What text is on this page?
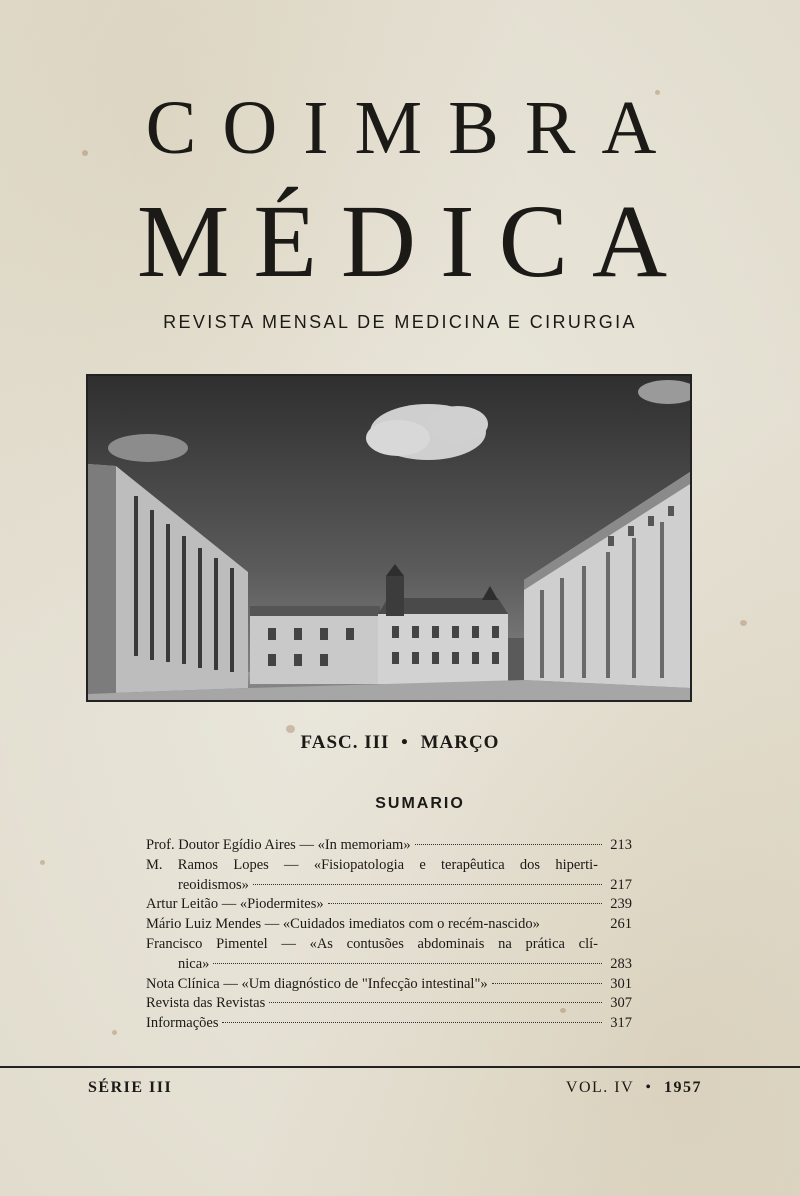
COIMBRA
MÉDICA
REVISTA MENSAL DE MEDICINA E CIRURGIA
FASC. III • MARÇO
SUMARIO
Prof. Doutor Egídio Aires — «In memoriam»	213
M. Ramos Lopes — «Fisiopatologia e terapêutica dos hiperti-
reoidismos»	217
Artur Leitão — «Piodermites»	239
Mário Luiz Mendes — «Cuidados imediatos com o recém-nascido»	261
Francisco Pimentel — «As contusões abdominais na prática clí-
nica»	283
Nota Clínica — «Um diagnóstico de "Infecção intestinal"»	301
Revista das Revistas	307
Informações	317
SÉRIE III	VOL. IV • 1957
